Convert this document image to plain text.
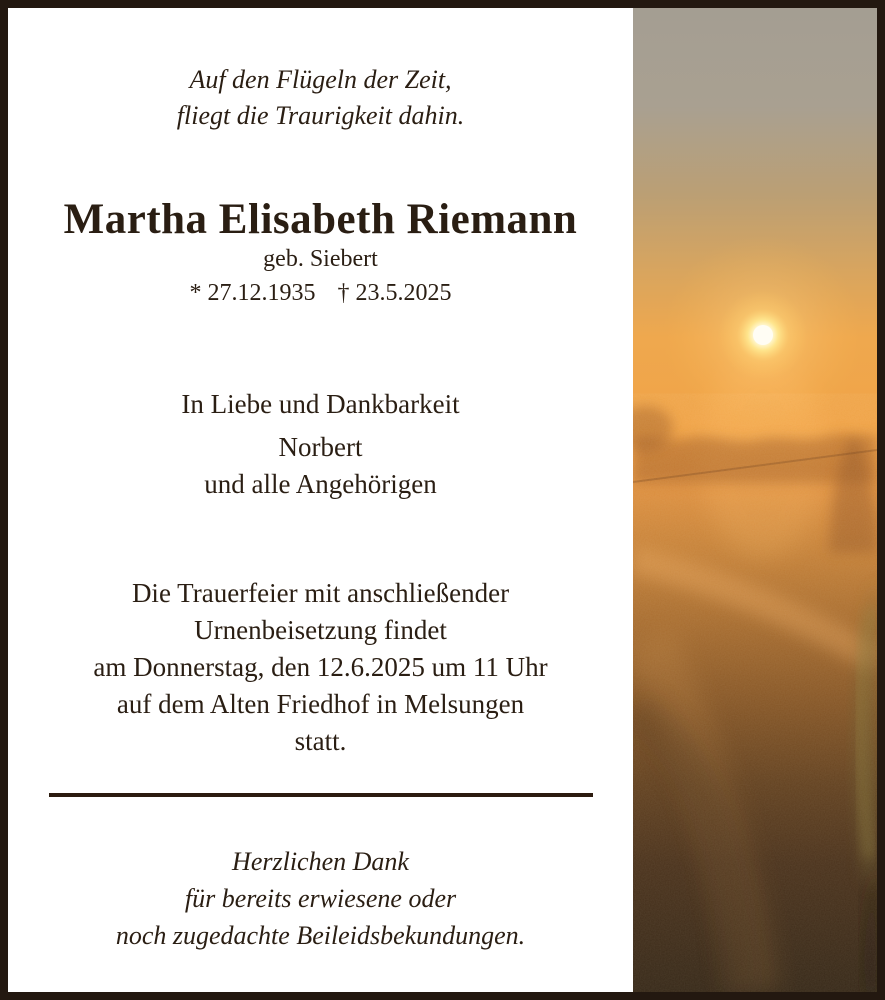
Auf den Flügeln der Zeit,
fliegt die Traurigkeit dahin.
Martha Elisabeth Riemann
geb. Siebert
* 27.12.1935 † 23.5.2025
In Liebe und Dankbarkeit
Norbert
und alle Angehörigen
Die Trauerfeier mit anschließender
Urnenbeisetzung findet
am Donnerstag, den 12.6.2025 um 11 Uhr
auf dem Alten Friedhof in Melsungen
statt.
Herzlichen Dank
für bereits erwiesene oder
noch zugedachte Beileidsbekundungen.
